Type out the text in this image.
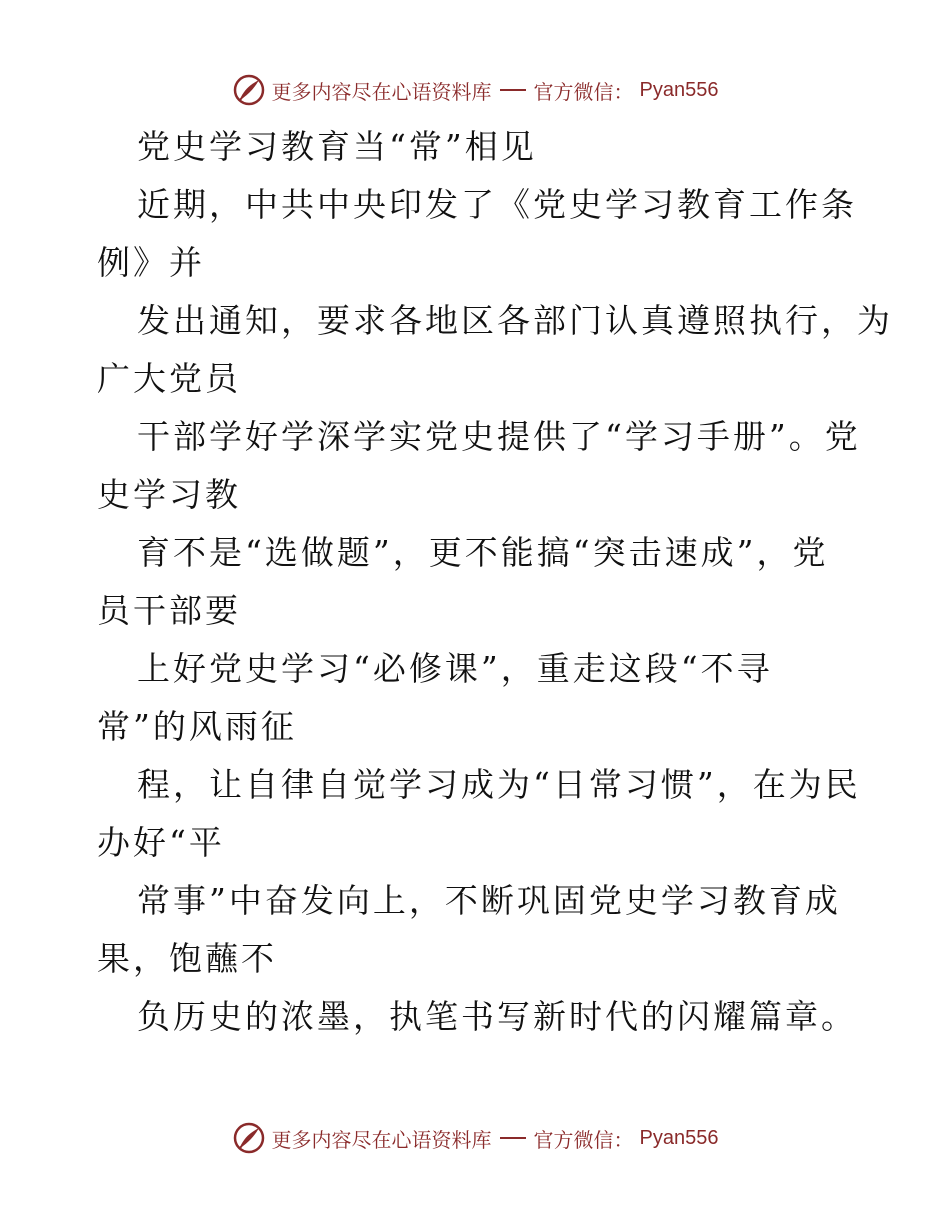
更多内容尽在心语资料库 官方微信： Pyan556
党史学习教育当“常”相见
近期，中共中央印发了《党史学习教育工作条
例》并
发出通知，要求各地区各部门认真遵照执行，为
广大党员
干部学好学深学实党史提供了“学习手册”。党
史学习教
育不是“选做题”，更不能搞“突击速成”，党
员干部要
上好党史学习“必修课”，重走这段“不寻
常”的风雨征
程，让自律自觉学习成为“日常习惯”，在为民
办好“平
常事”中奋发向上，不断巩固党史学习教育成
果，饱蘸不
负历史的浓墨，执笔书写新时代的闪耀篇章。
更多内容尽在心语资料库 官方微信： Pyan556
